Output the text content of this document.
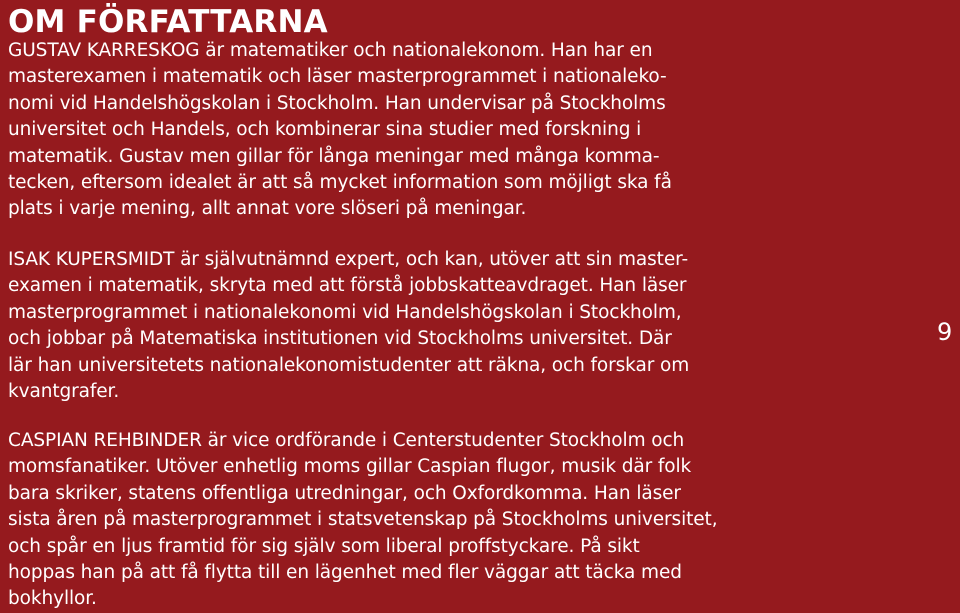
OM FÖRFATTARNA

GUSTAV KARRESKOG är matematiker och nationalekonom. Han har en
masterexamen i matematik och läser masterprogrammet i nationaleko-
nomi vid Handelshögskolan i Stockholm. Han undervisar på Stockholms
universitet och Handels, och kombinerar sina studier med forskning i
matematik. Gustav men gillar för långa meningar med många komma-
tecken, eftersom idealet är att så mycket information som möjligt ska få
plats i varje mening, allt annat vore slöseri på meningar.

ISAK KUPERSMIDT är självutnämnd expert, och kan, utöver att sin master-
examen i matematik, skryta med att förstå jobbskatteavdraget. Han läser
masterprogrammet i nationalekonomi vid Handelshögskolan i Stockholm,
och jobbar på Matematiska institutionen vid Stockholms universitet. Där
lär han universitetets nationalekonomistudenter att räkna, och forskar om
kvantgrafer.

CASPIAN REHBINDER är vice ordförande i Centerstudenter Stockholm och
momsfanatiker. Utöver enhetlig moms gillar Caspian flugor, musik där folk
bara skriker, statens offentliga utredningar, och Oxfordkomma. Han läser
sista åren på masterprogrammet i statsvetenskap på Stockholms universitet,
och spår en ljus framtid för sig själv som liberal proffstyckare. På sikt
hoppas han på att få flytta till en lägenhet med fler väggar att täcka med
bokhyllor.

9
